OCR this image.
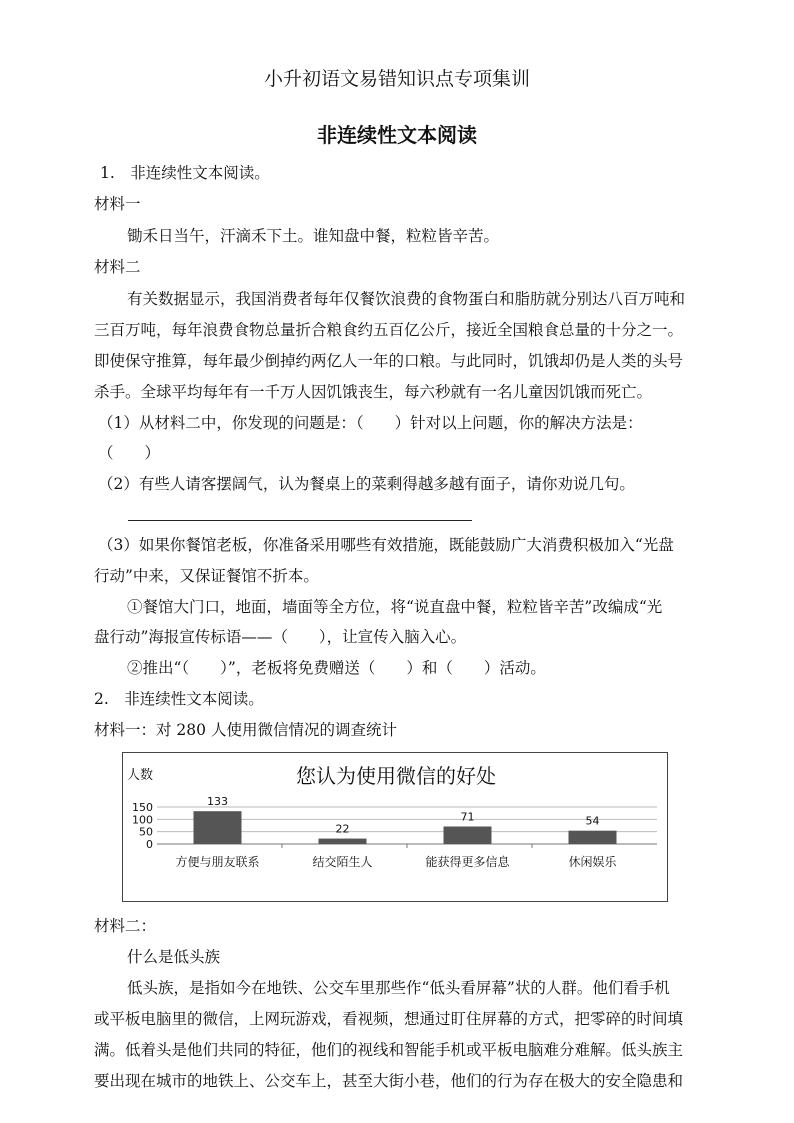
小升初语文易错知识点专项集训
非连续性文本阅读
1.　非连续性文本阅读。
材料一
锄禾日当午，汗滴禾下土。谁知盘中餐，粒粒皆辛苦。
材料二
有关数据显示，我国消费者每年仅餐饮浪费的食物蛋白和脂肪就分别达八百万吨和
三百万吨，每年浪费食物总量折合粮食约五百亿公斤，接近全国粮食总量的十分之一。
即使保守推算，每年最少倒掉约两亿人一年的口粮。与此同时，饥饿却仍是人类的头号
杀手。全球平均每年有一千万人因饥饿丧生，每六秒就有一名儿童因饥饿而死亡。
（1）从材料二中，你发现的问题是：（　　）针对以上问题，你的解决方法是：
（　　）
（2）有些人请客摆阔气，认为餐桌上的菜剩得越多越有面子，请你劝说几句。
（3）如果你餐馆老板，你准备采用哪些有效措施，既能鼓励广大消费积极加入“光盘
行动”中来，又保证餐馆不折本。
①餐馆大门口，地面，墙面等全方位，将“说直盘中餐，粒粒皆辛苦”改编成“光
盘行动”海报宣传标语——（　　），让宣传入脑入心。
②推出“（　　）”，老板将免费赠送（　　）和（　　）活动。
2.　非连续性文本阅读。
材料一：对 280 人使用微信情况的调查统计
您认为使用微信的好处
人数
150
100
50
0
133
22
71	54
方便与朋友联系	结交陌生人	能获得更多信息	休闲娱乐
材料二：
什么是低头族
低头族，是指如今在地铁、公交车里那些作“低头看屏幕”状的人群。他们看手机
或平板电脑里的微信，上网玩游戏，看视频，想通过盯住屏幕的方式，把零碎的时间填
满。低着头是他们共同的特征，他们的视线和智能手机或平板电脑难分难解。低头族主
要出现在城市的地铁上、公交车上，甚至大街小巷，他们的行为存在极大的安全隐患和
